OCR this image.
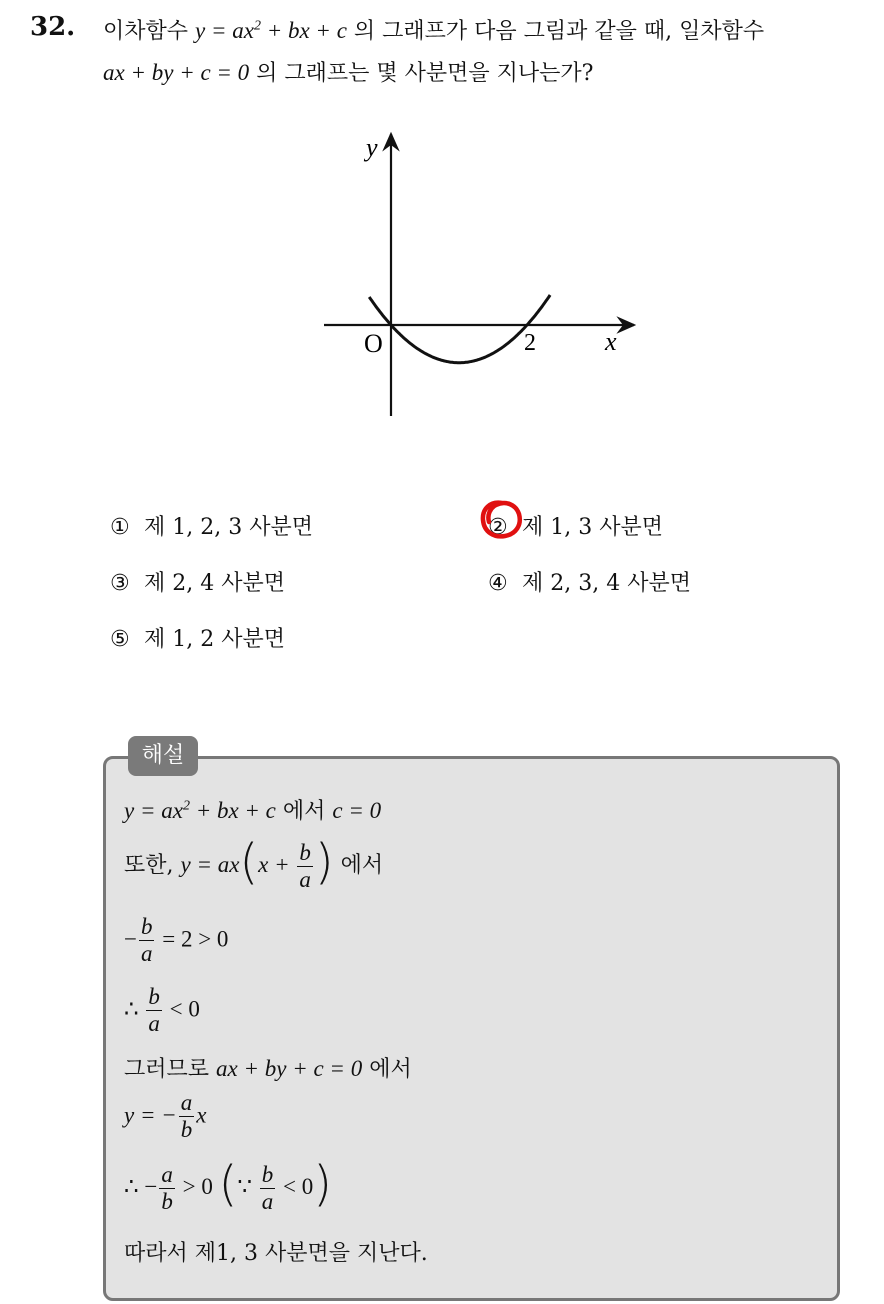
32. 이차함수 $y = ax^2$ + bx + c 의 그래프가 다음 그림과 같을 때, 일차함수
ax + by + c = 0 의 그래프는 몇 사분면을 지나는가?
y
x
O	2
① 제 1, 2, 3 사분면	② 제 1, 3 사분면
③ 제 2, 4 사분면	④ 제 2, 3, 4 사분면
⑤ 제 1, 2 사분면
해설
$y = ax^2$ + bx + c 에서 c = 0
또한, $y = ax(x + \frac{b}{a}$ ) 에서
− $\frac{b}{a} = 2 > 0$
∴ $\frac{b}{a} < 0$
그러므로 ax + by + c = 0 에서
y = − $\frac{a}{b}$ x
∴ − $\frac{a}{b} > 0$ (∵ $\frac{b}{a} < 0$)
따라서 제1, 3 사분면을 지난다.
